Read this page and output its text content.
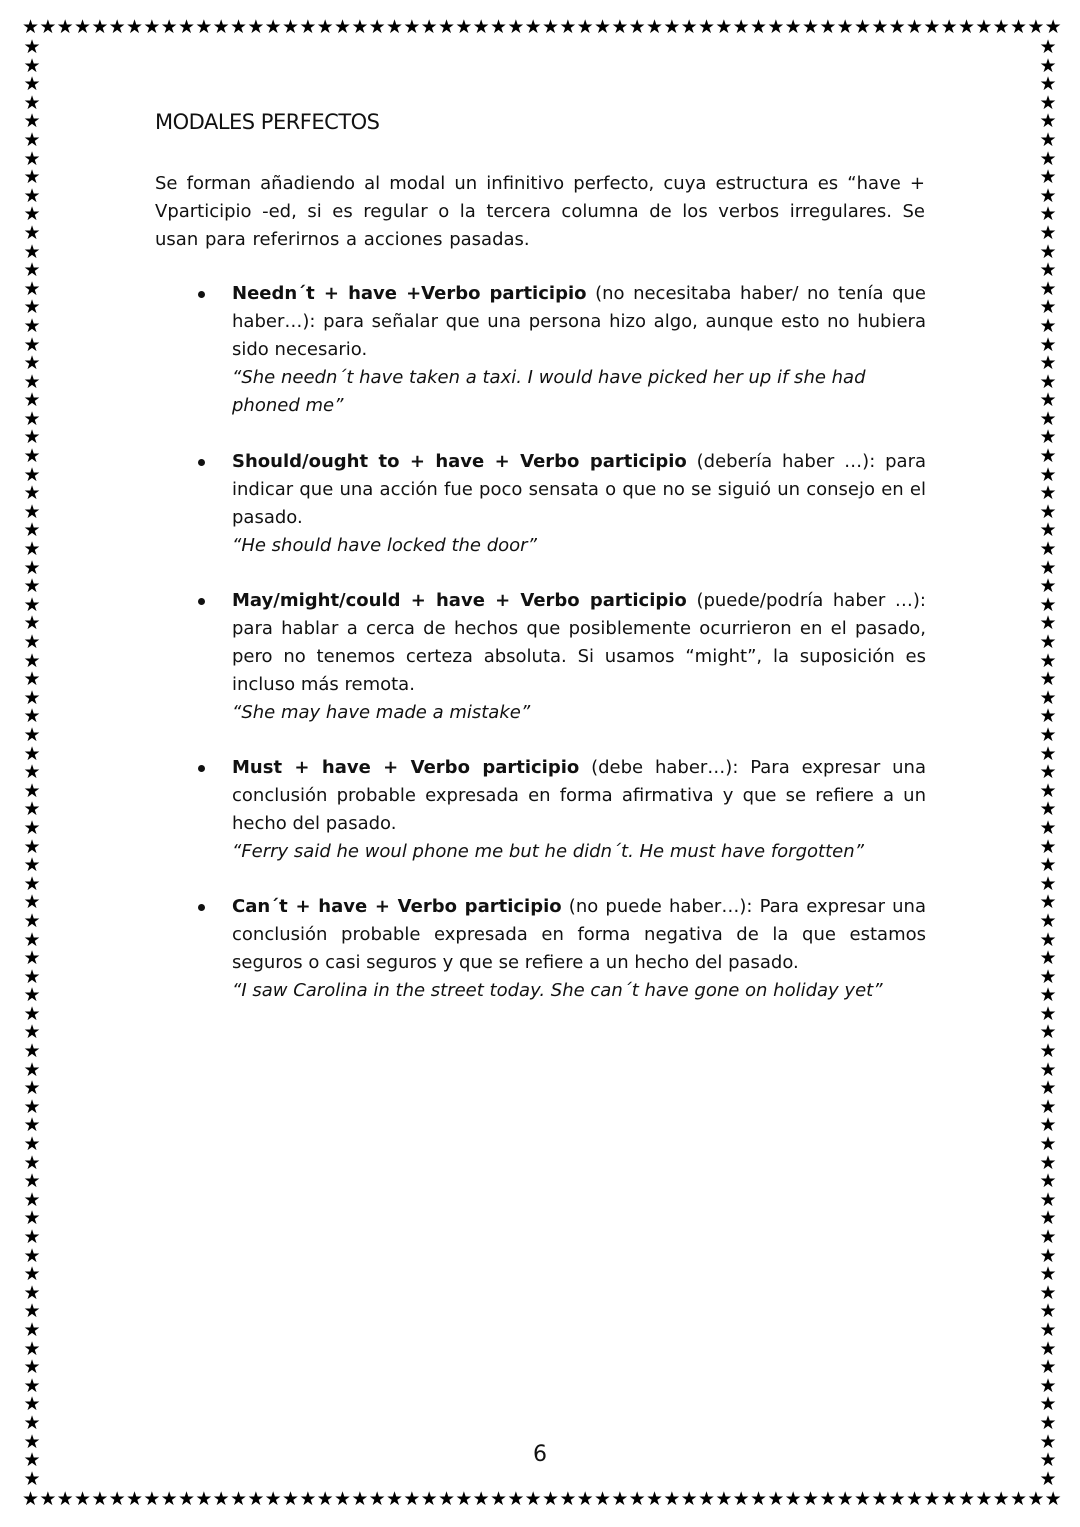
★★★★★★★★★★★★★★★★★★★★★★★★★★★★★★★★★★★★★★★★★★★★★★★★★★★★★★★★★★★★
★★★★★★★★★★★★★★★★★★★★★★★★★★★★★★★★★★★★★★★★★★★★★★★★★★★★★★★★★★★★
★
★
★
★
★
★
★
★
★
★
★
★
★
★
★
★
★
★
★
★
★
★
★
★
★
★
★
★
★
★
★
★
★
★
★
★
★
★
★
★
★
★
★
★
★
★
★
★
★
★
★
★
★
★
★
★
★
★
★
★
★
★
★
★
★
★
★
★
★
★
★
★
★
★
★
★
★
★
★
★
★
★
★
★
★
★
★
★
★
★
★
★
★
★
★
★
★
★
★
★
★
★
★
★
★
★
★
★
★
★
★
★
★
★
★
★
★
★
★
★
★
★
★
★
★
★
★
★
★
★
★
★
★
★
★
★
★
★
★
★
★
★
★
★
★
★
★
★
★
★
★
★
★
★
★
★
MODALES PERFECTOS
Se forman añadiendo al modal un infinitivo perfecto, cuya estructura es “have + Vparticipio -ed, si es regular o la tercera columna de los verbos irregulares. Se usan para referirnos a acciones pasadas.
Needn´t + have +Verbo participio (no necesitaba haber/ no tenía que haber…): para señalar que una persona hizo algo, aunque esto no hubiera sido necesario.
“She needn´t have taken a taxi. I would have picked her up if she had phoned me”
Should/ought to + have + Verbo participio (debería haber …): para indicar que una acción fue poco sensata o que no se siguió un consejo en el pasado.
“He should have locked the door”
May/might/could + have + Verbo participio (puede/podría haber …): para hablar a cerca de hechos que posiblemente ocurrieron en el pasado, pero no tenemos certeza absoluta. Si usamos “might”, la suposición es incluso más remota.
“She may have made a mistake”
Must + have + Verbo participio (debe haber…): Para expresar una conclusión probable expresada en forma afirmativa y que se refiere a un hecho del pasado.
“Ferry said he woul phone me but he didn´t. He must have forgotten”
Can´t + have + Verbo participio (no puede haber…): Para expresar una conclusión probable expresada en forma negativa de la que estamos seguros o casi seguros y que se refiere a un hecho del pasado.
“I saw Carolina in the street today. She can´t have gone on holiday yet”
6
